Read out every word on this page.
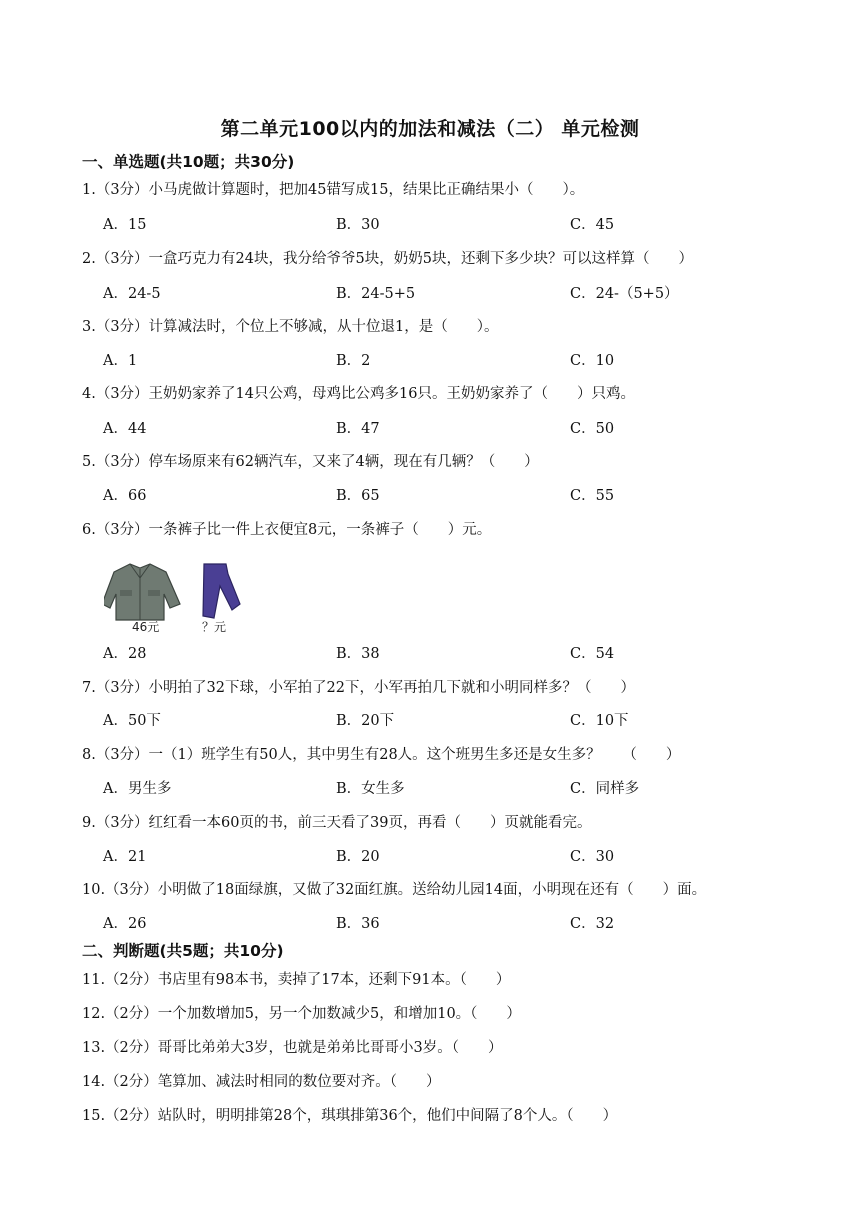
第二单元100以内的加法和减法（二） 单元检测
一、单选题(共10题；共30分)
1.（3分）小马虎做计算题时，把加45错写成15，结果比正确结果小（　　）。
A．15	B．30	C．45
2.（3分）一盒巧克力有24块，我分给爷爷5块，奶奶5块，还剩下多少块？可以这样算（　　）
A．24-5	B．24-5+5	C．24-（5+5）
3.（3分）计算减法时，个位上不够减，从十位退1，是（　　）。
A．1	B．2	C．10
4.（3分）王奶奶家养了14只公鸡，母鸡比公鸡多16只。王奶奶家养了（　　）只鸡。
A．44	B．47	C．50
5.（3分）停车场原来有62辆汽车，又来了4辆，现在有几辆？（　　）
A．66	B．65	C．55
6.（3分）一条裤子比一件上衣便宜8元，一条裤子（　　）元。
46元	？元
A．28	B．38	C．54
7.（3分）小明拍了32下球，小军拍了22下，小军再拍几下就和小明同样多？（　　）
A．50下	B．20下	C．10下
8.（3分）一（1）班学生有50人，其中男生有28人。这个班男生多还是女生多？　　（　　）
A．男生多	B．女生多	C．同样多
9.（3分）红红看一本60页的书，前三天看了39页，再看（　　）页就能看完。
A．21	B．20	C．30
10.（3分）小明做了18面绿旗，又做了32面红旗。送给幼儿园14面，小明现在还有（　　）面。
A．26	B．36	C．32
二、判断题(共5题；共10分)
11.（2分）书店里有98本书，卖掉了17本，还剩下91本。（　　）
12.（2分）一个加数增加5，另一个加数减少5，和增加10。（　　）
13.（2分）哥哥比弟弟大3岁，也就是弟弟比哥哥小3岁。（　　）
14.（2分）笔算加、减法时相同的数位要对齐。（　　）
15.（2分）站队时，明明排第28个，琪琪排第36个，他们中间隔了8个人。（　　）
